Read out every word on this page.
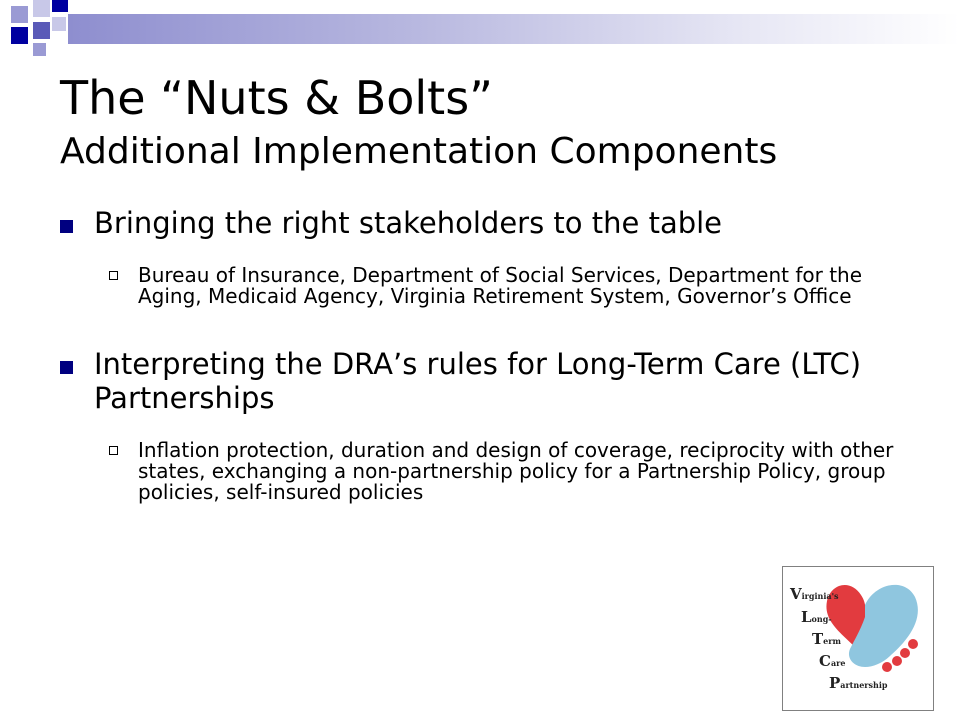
The “Nuts & Bolts”
Additional Implementation Components
Bringing the right stakeholders to the table
Bureau of Insurance, Department of Social Services, Department for the Aging, Medicaid Agency, Virginia Retirement System, Governor’s Office
Interpreting the DRA’s rules for Long-Term Care (LTC) Partnerships
Inflation protection, duration and design of coverage, reciprocity with other states, exchanging a non-partnership policy for a Partnership Policy, group policies, self-insured policies
Virginia's
Long-
Term
Care
Partnership
